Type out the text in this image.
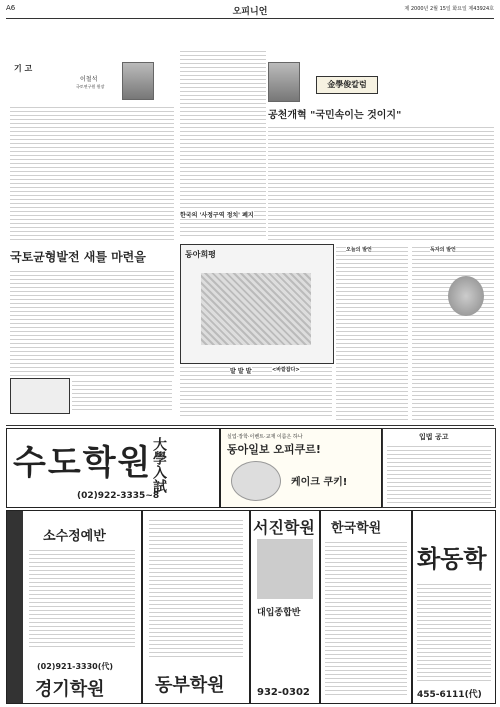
A6	오피니언	제 2000년 2월 15일 화요일 제43924호
기 고
이철석
국토연구원 원장
국토균형발전 새틀 마련을
金學俊칼럼
공천개혁 "국민속이는 것이지"
한국의 '사정구역 정치' 폐지
동아희평
발 발 발
오늘의 발언	독자의 발언
<바깥잡다>
수도학원
大學入試
(02)922-3335~8
실업·장학·이벤트·교재 이름은 하나
동아일보 오피쿠르!
케이크 쿠키!
입법 공고
소수정예반
(02)921-3330(代)
경기학원	동부학원
서진학원
대입종합반
932-0302
한국학원
화동학
455-6111(代)
